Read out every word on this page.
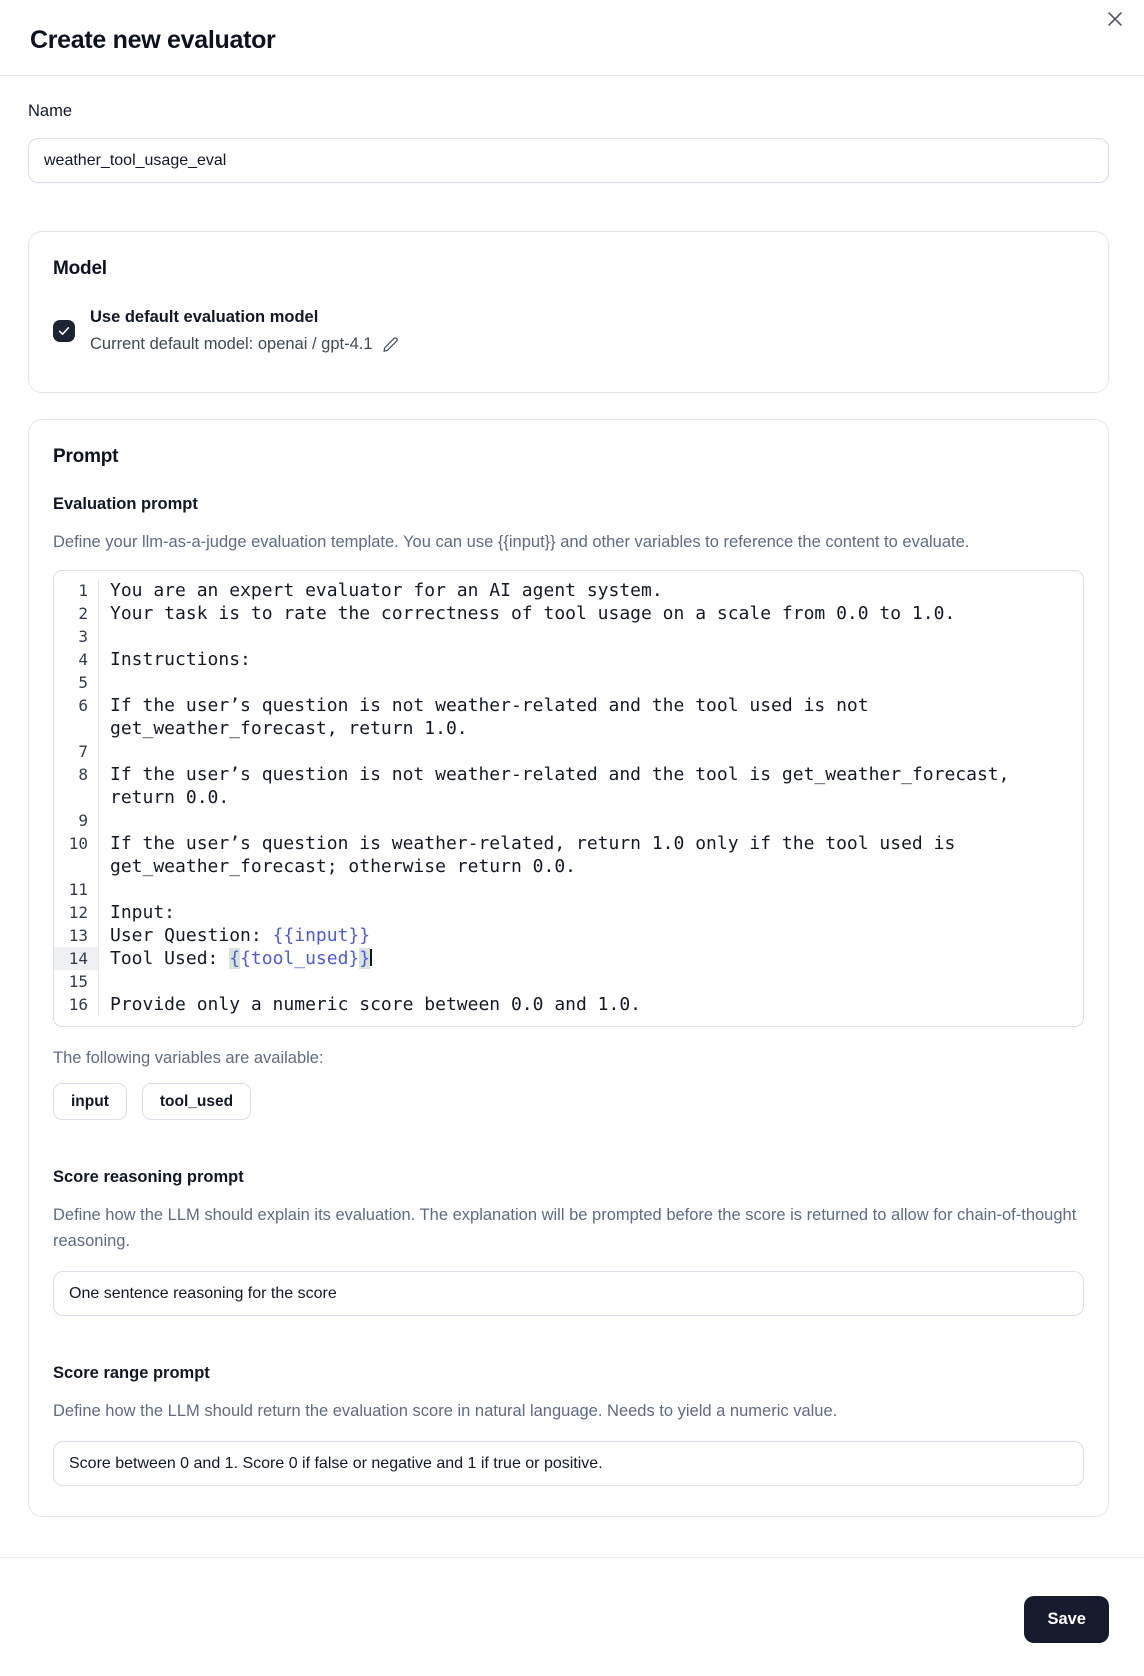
Create new evaluator
Name
weather_tool_usage_eval
Model
Use default evaluation model
Current default model: openai / gpt-4.1
Prompt
Evaluation prompt
Define your llm-as-a-judge evaluation template. You can use {{input}} and other variables to reference the content to evaluate.
1	You are an expert evaluator for an AI agent system.
2	Your task is to rate the correctness of tool usage on a scale from 0.0 to 1.0.
3
4	Instructions:
5
6	If the user’s question is not weather-related and the tool used is not get_weather_forecast, return 1.0.
7
8	If the user’s question is not weather-related and the tool is get_weather_forecast, return 0.0.
9
10	If the user’s question is weather-related, return 1.0 only if the tool used is get_weather_forecast; otherwise return 0.0.
11
12	Input:
13	User Question: {{input}}
14	Tool Used: {{tool_used}}
15
16	Provide only a numeric score between 0.0 and 1.0.
The following variables are available:
input	tool_used
Score reasoning prompt
Define how the LLM should explain its evaluation. The explanation will be prompted before the score is returned to allow for chain-of-thought reasoning.
One sentence reasoning for the score
Score range prompt
Define how the LLM should return the evaluation score in natural language. Needs to yield a numeric value.
Score between 0 and 1. Score 0 if false or negative and 1 if true or positive.
Save
